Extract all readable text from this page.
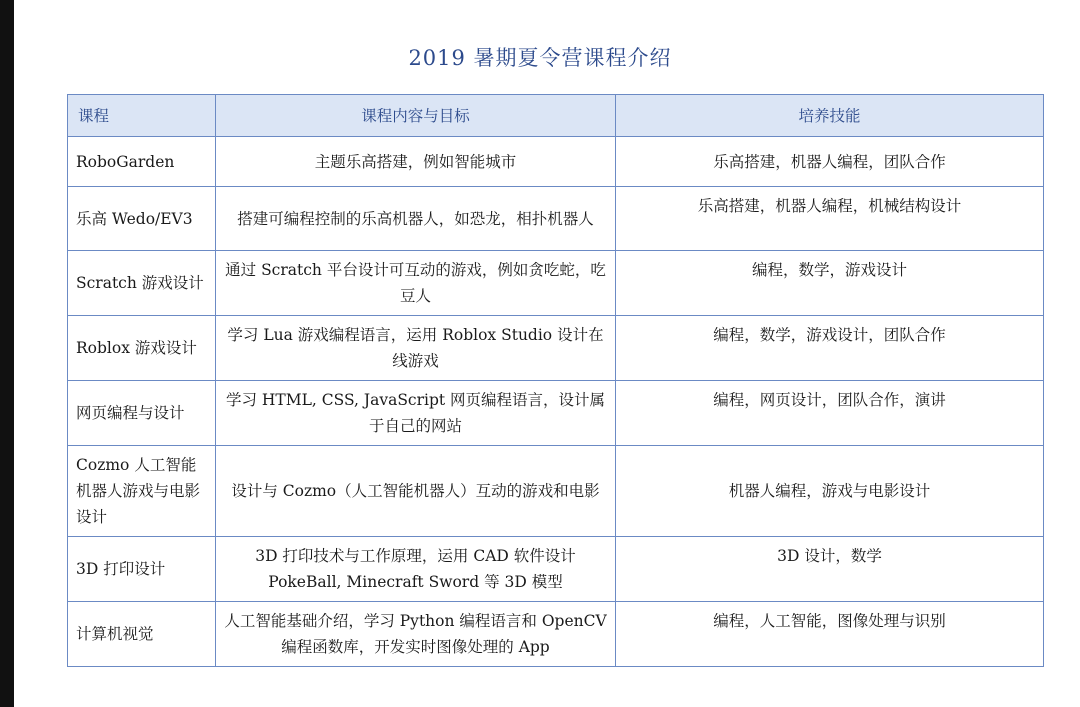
2019 暑期夏令营课程介绍
课程	课程内容与目标	培养技能
RoboGarden	主题乐高搭建，例如智能城市	乐高搭建，机器人编程，团队合作
乐高 Wedo/EV3	搭建可编程控制的乐高机器人，如恐龙，相扑机器人	乐高搭建，机器人编程，机械结构设计
Scratch 游戏设计	通过 Scratch 平台设计可互动的游戏，例如贪吃蛇，吃豆人	编程，数学，游戏设计
Roblox 游戏设计	学习 Lua 游戏编程语言，运用 Roblox Studio 设计在线游戏	编程，数学，游戏设计，团队合作
网页编程与设计	学习 HTML, CSS, JavaScript 网页编程语言，设计属于自己的网站	编程，网页设计，团队合作，演讲
Cozmo 人工智能机器人游戏与电影设计	设计与 Cozmo（人工智能机器人）互动的游戏和电影	机器人编程，游戏与电影设计
3D 打印设计	3D 打印技术与工作原理，运用 CAD 软件设计 PokeBall, Minecraft Sword 等 3D 模型	3D 设计，数学
计算机视觉	人工智能基础介绍，学习 Python 编程语言和 OpenCV 编程函数库，开发实时图像处理的 App	编程，人工智能，图像处理与识别
